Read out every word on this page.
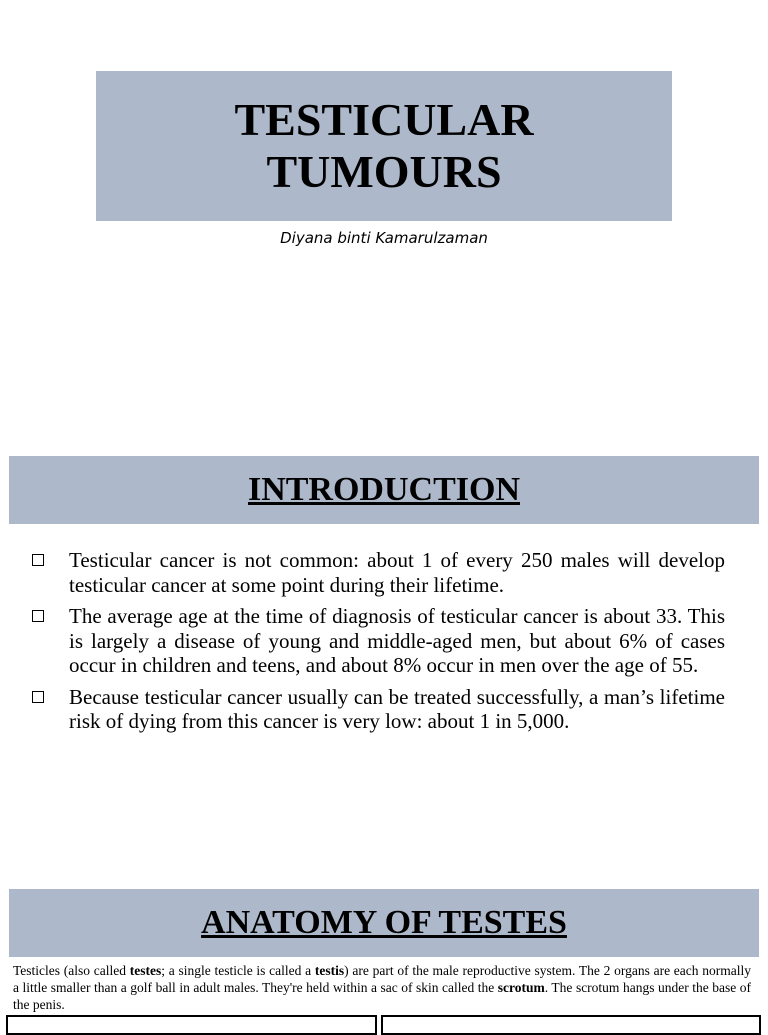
TESTICULAR
TUMOURS
Diyana binti Kamarulzaman
INTRODUCTION
Testicular cancer is not common: about 1 of every 250 males will develop testicular cancer at some point during their lifetime.
The average age at the time of diagnosis of testicular cancer is about 33. This is largely a disease of young and middle-aged men, but about 6% of cases occur in children and teens, and about 8% occur in men over the age of 55.
Because testicular cancer usually can be treated successfully, a man’s lifetime risk of dying from this cancer is very low: about 1 in 5,000.
ANATOMY OF TESTES

Testicles (also called testes; a single testicle is called a testis) are part of the male reproductive system. The 2 organs are each normally a little smaller than a golf ball in adult males. They're held within a sac of skin called the scrotum. The scrotum hangs under the base of the penis.
